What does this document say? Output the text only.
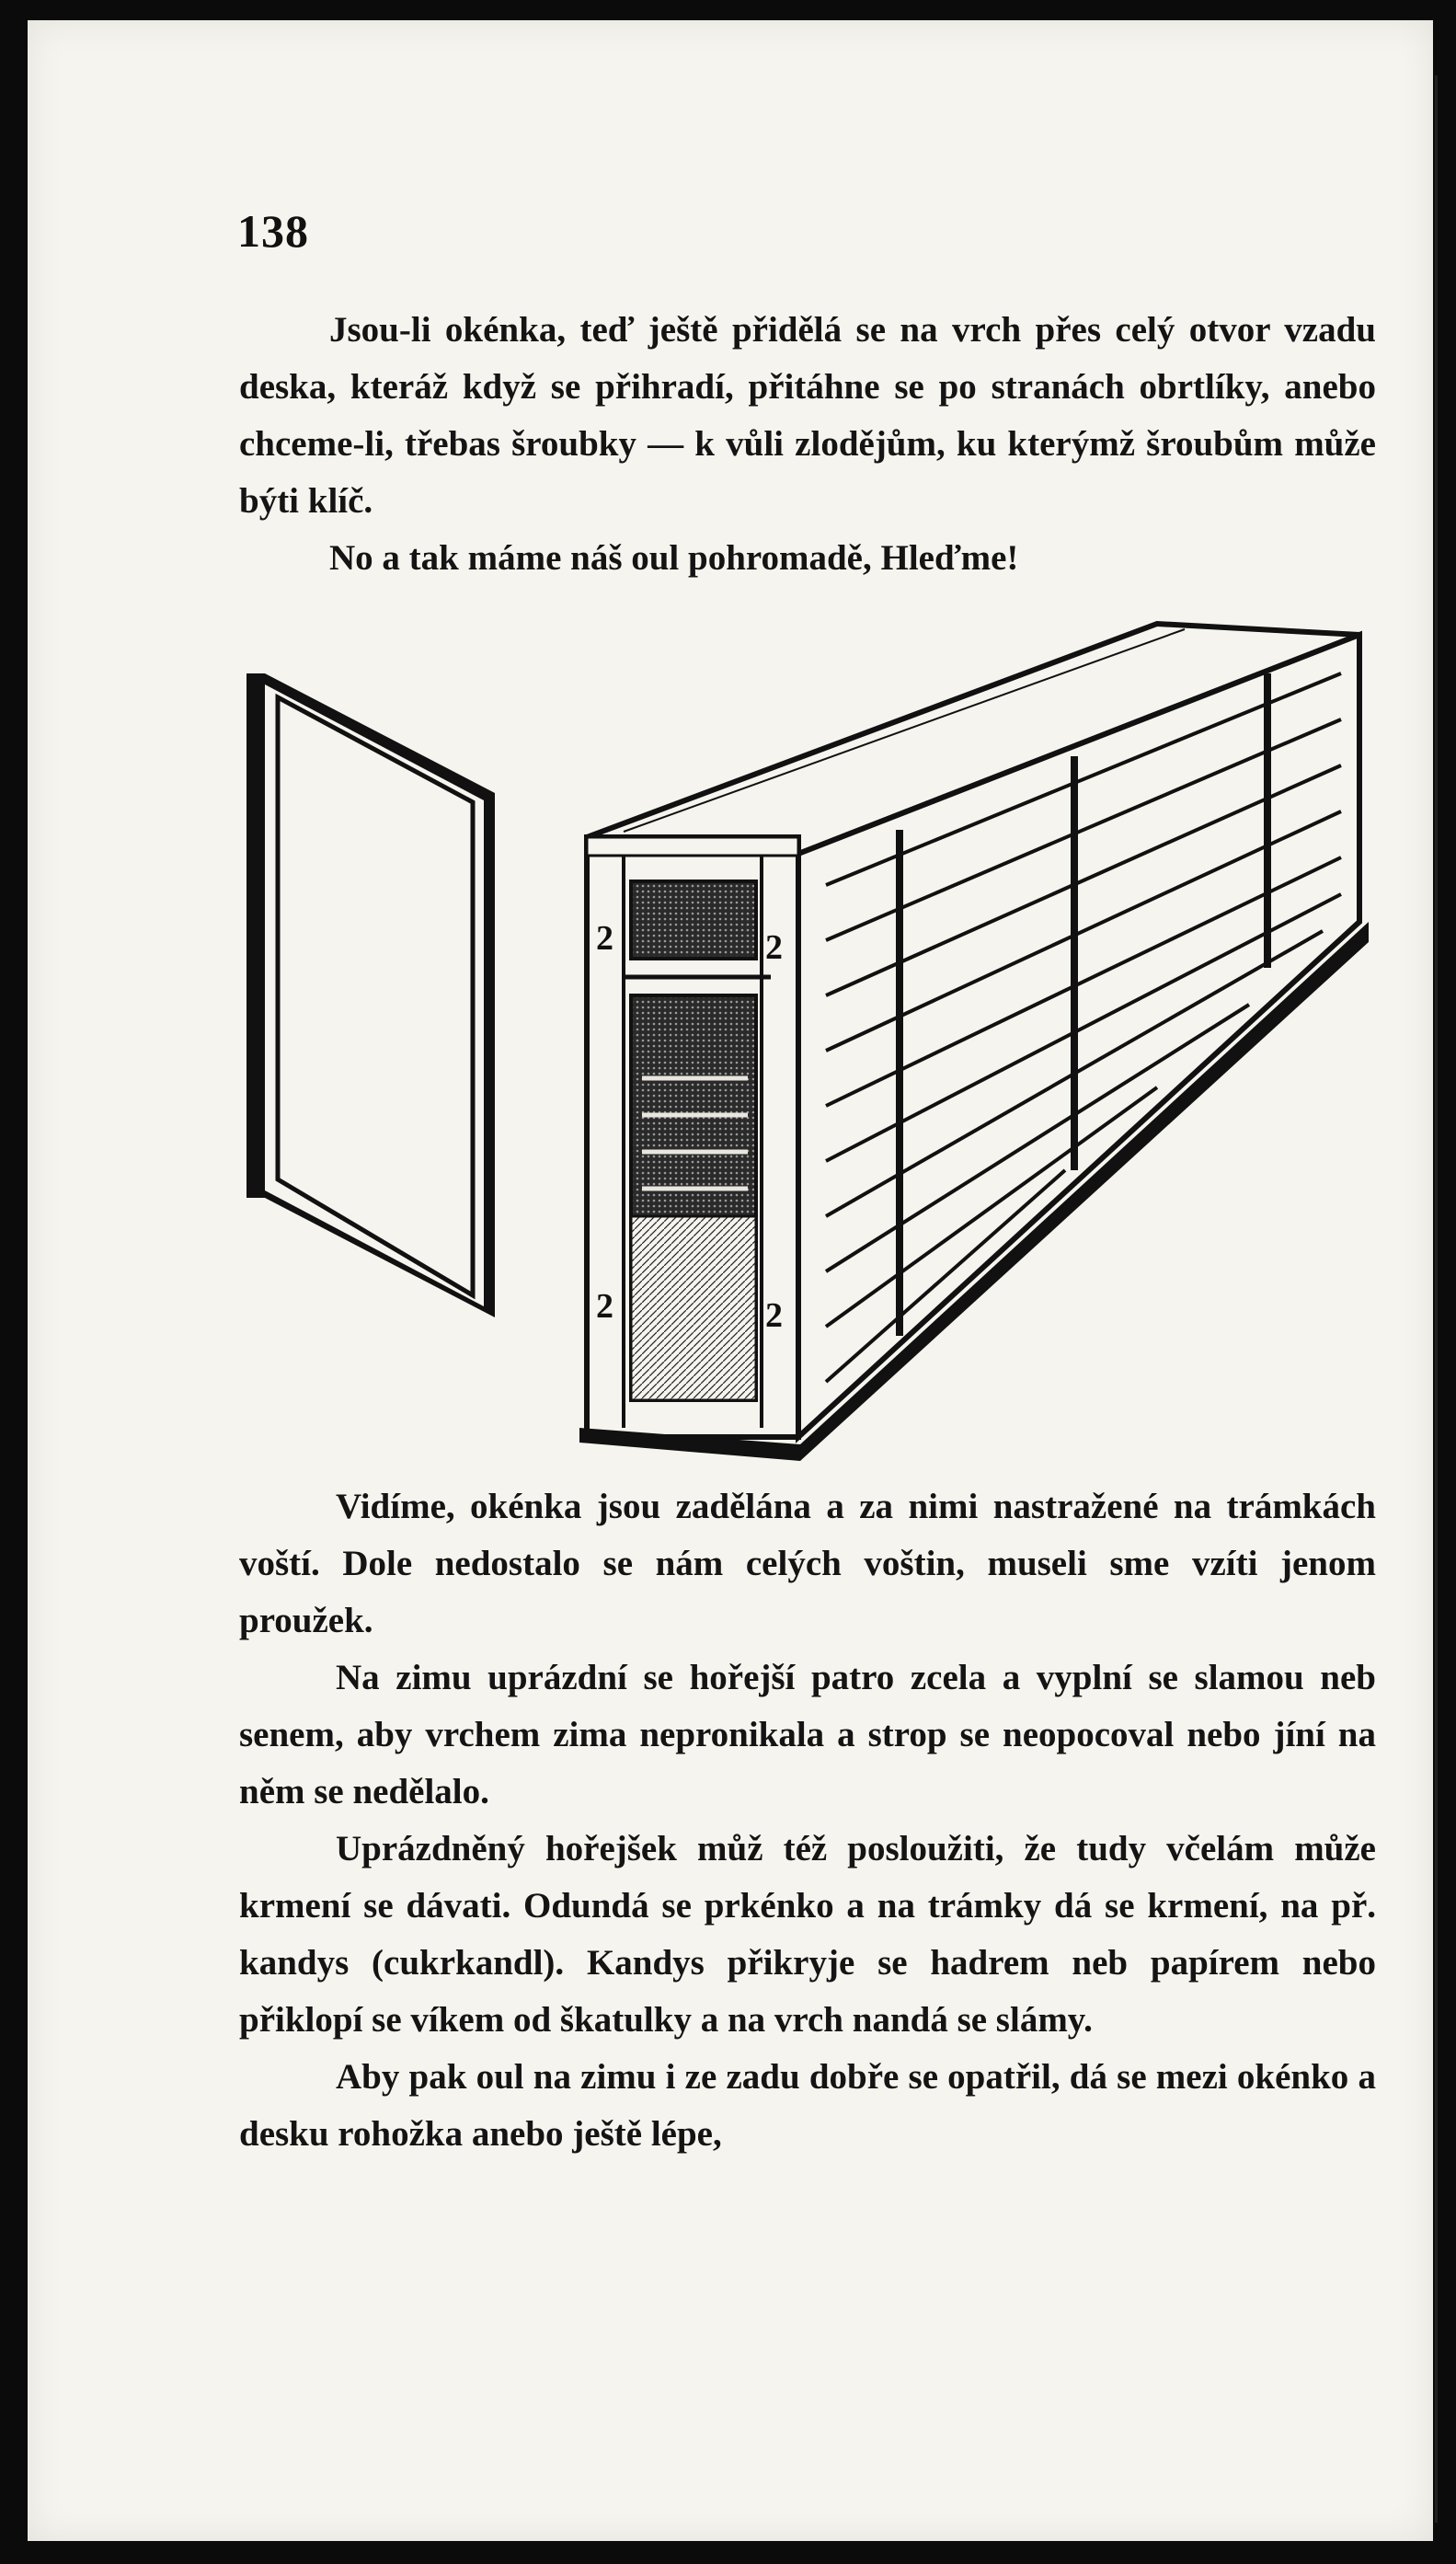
138
Jsou-li okénka, teď ještě přidělá se na vrch přes celý otvor vzadu deska, kteráž když se přihradí, přitáhne se po stranách obrtlíky, anebo chceme-li, třebas šroubky — k vůli zlodějům, ku kterýmž šroubům může býti klíč.
No a tak máme náš oul pohromadě, Hleďme!
2	2
2	2
Vidíme, okénka jsou zadělána a za nimi nastražené na trámkách voští. Dole nedostalo se nám celých voštin, museli sme vzíti jenom proužek.
Na zimu uprázdní se hořejší patro zcela a vyplní se slamou neb senem, aby vrchem zima nepronikala a strop se neopocoval nebo jíní na něm se nedělalo.
Uprázdněný hořejšek můž též posloužiti, že tudy včelám může krmení se dávati. Odundá se prkénko a na trámky dá se krmení, na př. kandys (cukrkandl). Kandys přikryje se hadrem neb papírem nebo přiklopí se víkem od škatulky a na vrch nandá se slámy.
Aby pak oul na zimu i ze zadu dobře se opatřil, dá se mezi okénko a desku rohožka anebo ještě lépe,
